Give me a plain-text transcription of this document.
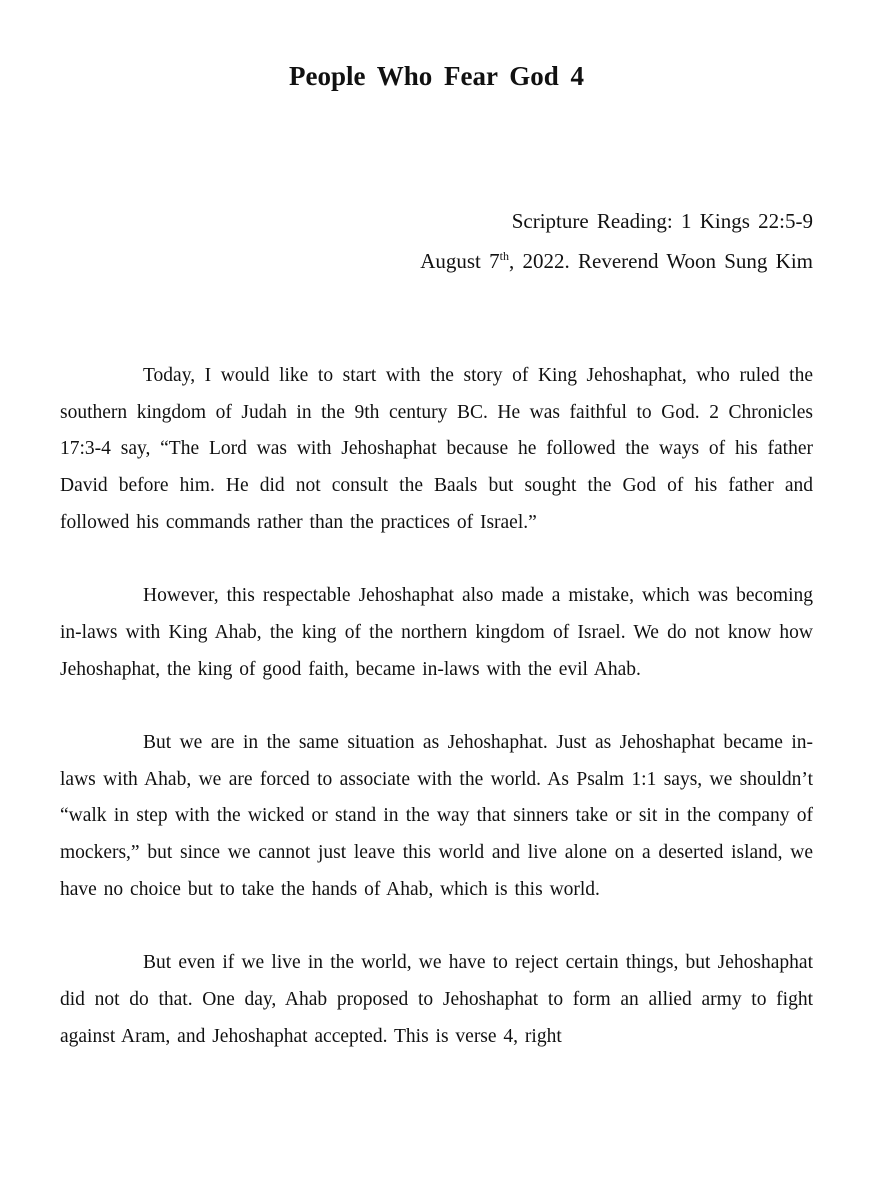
People Who Fear God 4
Scripture Reading: 1 Kings 22:5-9
August 7th, 2022. Reverend Woon Sung Kim

Today, I would like to start with the story of King Jehoshaphat, who ruled the southern kingdom of Judah in the 9th century BC. He was faithful to God. 2 Chronicles 17:3-4 say, “The Lord was with Jehoshaphat because he followed the ways of his father David before him. He did not consult the Baals but sought the God of his father and followed his commands rather than the practices of Israel.”

However, this respectable Jehoshaphat also made a mistake, which was becoming in-laws with King Ahab, the king of the northern kingdom of Israel. We do not know how Jehoshaphat, the king of good faith, became in-laws with the evil Ahab.

But we are in the same situation as Jehoshaphat. Just as Jehoshaphat became in-laws with Ahab, we are forced to associate with the world. As Psalm 1:1 says, we shouldn’t “walk in step with the wicked or stand in the way that sinners take or sit in the company of mockers,” but since we cannot just leave this world and live alone on a deserted island, we have no choice but to take the hands of Ahab, which is this world.

But even if we live in the world, we have to reject certain things, but Jehoshaphat did not do that. One day, Ahab proposed to Jehoshaphat to form an allied army to fight against Aram, and Jehoshaphat accepted. This is verse 4, right
